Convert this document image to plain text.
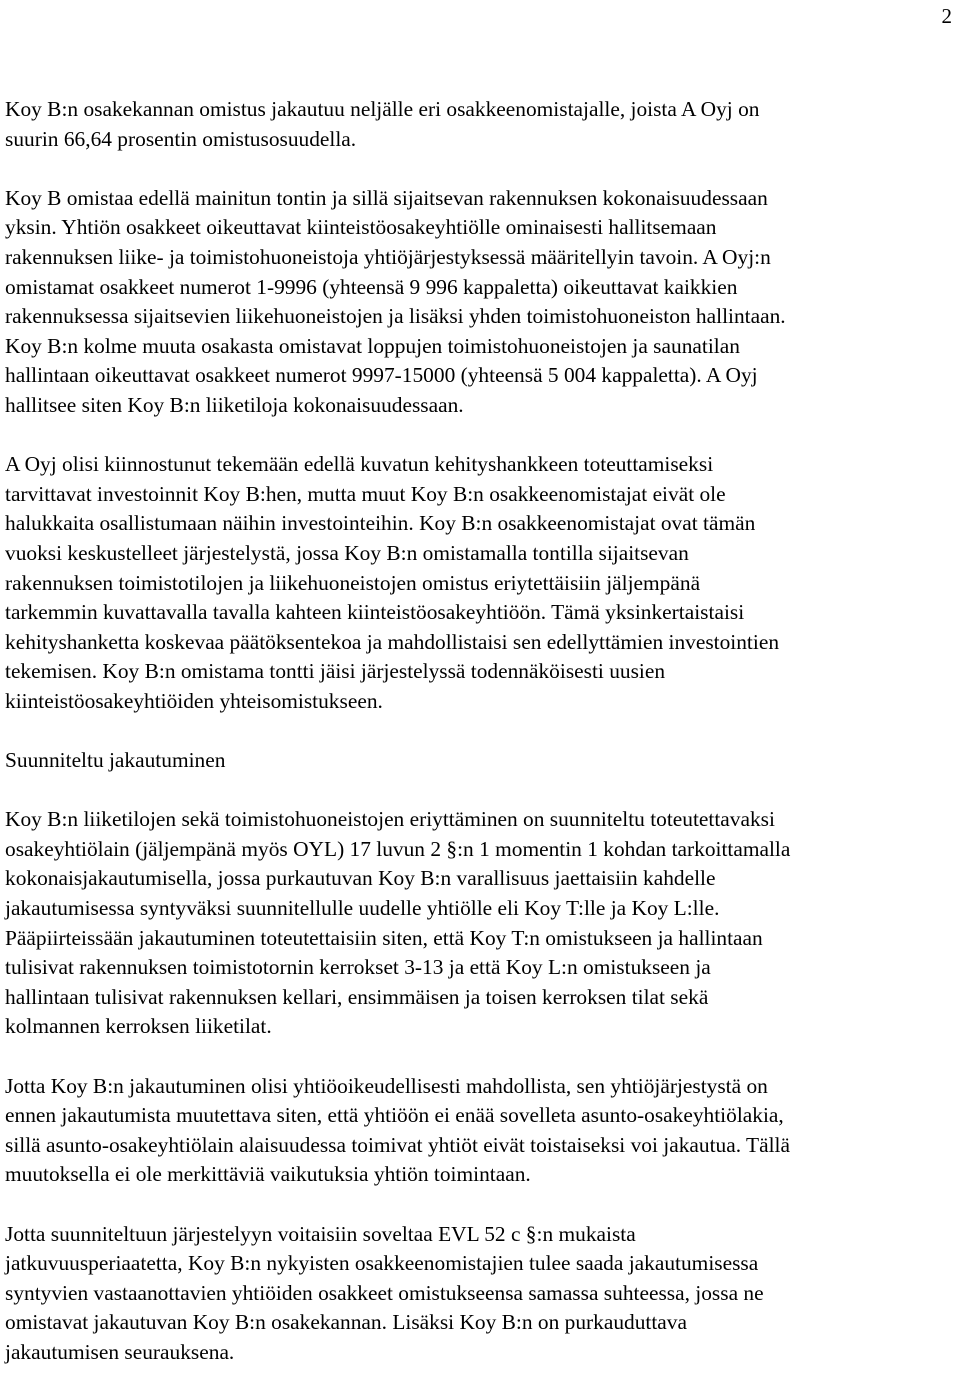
2

Koy B:n osakekannan omistus jakautuu neljälle eri osakkeenomistajalle, joista A Oyj on
suurin 66,64 prosentin omistusosuudella.

Koy B omistaa edellä mainitun tontin ja sillä sijaitsevan rakennuksen kokonaisuudessaan
yksin. Yhtiön osakkeet oikeuttavat kiinteistöosakeyhtiölle ominaisesti hallitsemaan
rakennuksen liike- ja toimistohuoneistoja yhtiöjärjestyksessä määritellyin tavoin. A Oyj:n
omistamat osakkeet numerot 1-9996 (yhteensä 9 996 kappaletta) oikeuttavat kaikkien
rakennuksessa sijaitsevien liikehuoneistojen ja lisäksi yhden toimistohuoneiston hallintaan.
Koy B:n kolme muuta osakasta omistavat loppujen toimistohuoneistojen ja saunatilan
hallintaan oikeuttavat osakkeet numerot 9997-15000 (yhteensä 5 004 kappaletta). A Oyj
hallitsee siten Koy B:n liiketiloja kokonaisuudessaan.

A Oyj olisi kiinnostunut tekemään edellä kuvatun kehityshankkeen toteuttamiseksi
tarvittavat investoinnit Koy B:hen, mutta muut Koy B:n osakkeenomistajat eivät ole
halukkaita osallistumaan näihin investointeihin. Koy B:n osakkeenomistajat ovat tämän
vuoksi keskustelleet järjestelystä, jossa Koy B:n omistamalla tontilla sijaitsevan
rakennuksen toimistotilojen ja liikehuoneistojen omistus eriytettäisiin jäljempänä
tarkemmin kuvattavalla tavalla kahteen kiinteistöosakeyhtiöön. Tämä yksinkertaistaisi
kehityshanketta koskevaa päätöksentekoa ja mahdollistaisi sen edellyttämien investointien
tekemisen. Koy B:n omistama tontti jäisi järjestelyssä todennäköisesti uusien
kiinteistöosakeyhtiöiden yhteisomistukseen.

Suunniteltu jakautuminen

Koy B:n liiketilojen sekä toimistohuoneistojen eriyttäminen on suunniteltu toteutettavaksi
osakeyhtiölain (jäljempänä myös OYL) 17 luvun 2 §:n 1 momentin 1 kohdan tarkoittamalla
kokonaisjakautumisella, jossa purkautuvan Koy B:n varallisuus jaettaisiin kahdelle
jakautumisessa syntyväksi suunnitellulle uudelle yhtiölle eli Koy T:lle ja Koy L:lle.
Pääpiirteissään jakautuminen toteutettaisiin siten, että Koy T:n omistukseen ja hallintaan
tulisivat rakennuksen toimistotornin kerrokset 3-13 ja että Koy L:n omistukseen ja
hallintaan tulisivat rakennuksen kellari, ensimmäisen ja toisen kerroksen tilat sekä
kolmannen kerroksen liiketilat.

Jotta Koy B:n jakautuminen olisi yhtiöoikeudellisesti mahdollista, sen yhtiöjärjestystä on
ennen jakautumista muutettava siten, että yhtiöön ei enää sovelleta asunto-osakeyhtiölakia,
sillä asunto-osakeyhtiölain alaisuudessa toimivat yhtiöt eivät toistaiseksi voi jakautua. Tällä
muutoksella ei ole merkittäviä vaikutuksia yhtiön toimintaan.

Jotta suunniteltuun järjestelyyn voitaisiin soveltaa EVL 52 c §:n mukaista
jatkuvuusperiaatetta, Koy B:n nykyisten osakkeenomistajien tulee saada jakautumisessa
syntyvien vastaanottavien yhtiöiden osakkeet omistukseensa samassa suhteessa, jossa ne
omistavat jakautuvan Koy B:n osakekannan. Lisäksi Koy B:n on purkauduttava
jakautumisen seurauksena.
